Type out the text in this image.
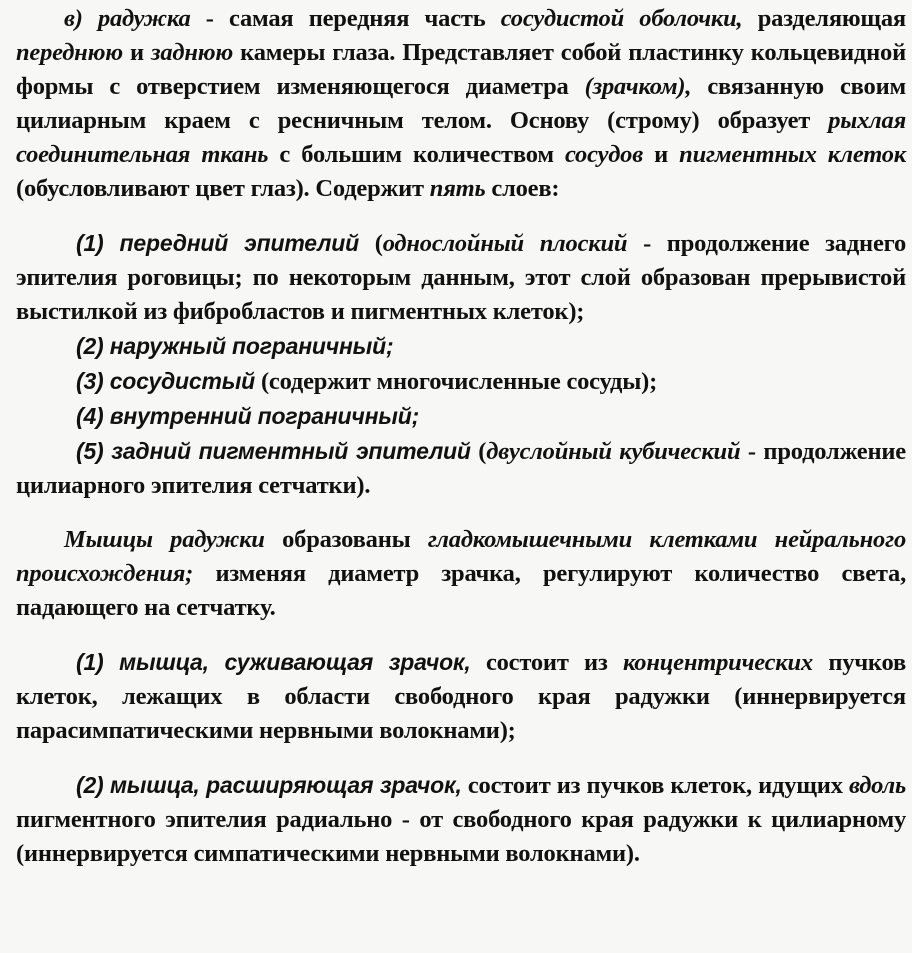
в) радужка - самая передняя часть сосудистой оболочки, разделяющая переднюю и заднюю камеры глаза. Представляет собой пластинку кольцевидной формы с отверстием изменяющегося диаметра (зрачком), связанную своим цилиарным краем с ресничным телом. Основу (строму) образует рыхлая соединительная ткань с большим количеством сосудов и пигментных клеток (обусловливают цвет глаз). Содержит пять слоев:

(1) передний эпителий (однослойный плоский - продолжение заднего эпителия роговицы; по некоторым данным, этот слой образован прерывистой выстилкой из фибробластов и пигментных клеток);

(2) наружный пограничный;

(3) сосудистый (содержит многочисленные сосуды);

(4) внутренний пограничный;

(5) задний пигментный эпителий (двуслойный кубический - продолжение цилиарного эпителия сетчатки).

Мышцы радужки образованы гладкомышечными клетками нейрального происхождения; изменяя диаметр зрачка, регулируют количество света, падающего на сетчатку.

(1) мышца, суживающая зрачок, состоит из концентрических пучков клеток, лежащих в области свободного края радужки (иннервируется парасимпатическими нервными волокнами);

(2) мышца, расширяющая зрачок, состоит из пучков клеток, идущих вдоль пигментного эпителия радиально - от свободного края радужки к цилиарному (иннервируется симпатическими нервными волокнами).
